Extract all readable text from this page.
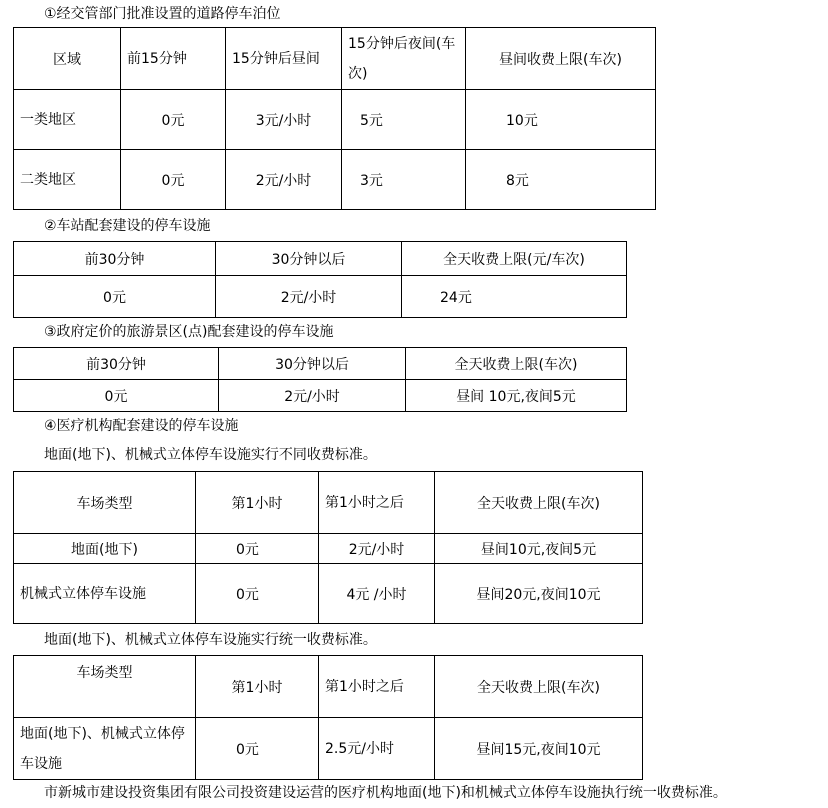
①经交管部门批准设置的道路停车泊位
区域	前15分钟	15分钟后昼间	15分钟后夜间(车次)	昼间收费上限(车次)

一类地区	0元	3元/小时	5元	10元

二类地区	0元	2元/小时	3元	8元
②车站配套建设的停车设施
前30分钟	30分钟以后	全天收费上限(元/车次)
0元	2元/小时	24元
③政府定价的旅游景区(点)配套建设的停车设施
前30分钟	30分钟以后	全天收费上限(车次)
0元	2元/小时	昼间 10元,夜间5元
④医疗机构配套建设的停车设施
地面(地下)、机械式立体停车设施实行不同收费标准。
车场类型	第1小时	第1小时之后	全天收费上限(车次)
地面(地下)	0元	2元/小时	昼间10元,夜间5元

机械式立体停车设施	0元	4元 /小时	昼间20元,夜间10元
地面(地下)、机械式立体停车设施实行统一收费标准。
车场类型	第1小时	第1小时之后	全天收费上限(车次)

地面(地下)、机械式立体停车设施	0元	2.5元/小时	昼间15元,夜间10元
市新城市建设投资集团有限公司投资建设运营的医疗机构地面(地下)和机械式立体停车设施执行统一收费标准。
